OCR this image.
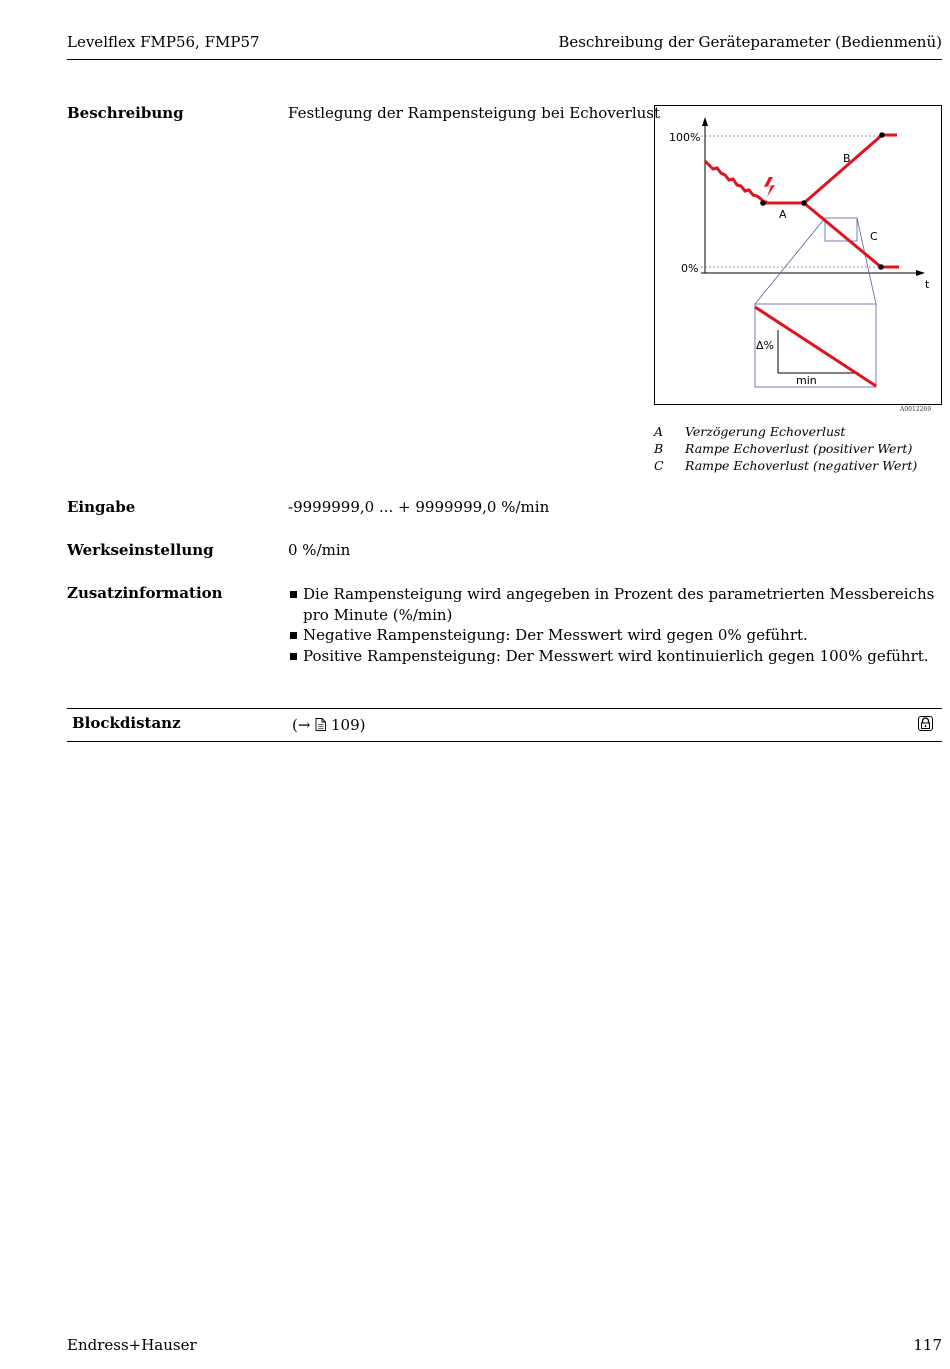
Levelflex FMP56, FMP57	Beschreibung der Geräteparameter (Bedienmenü)
Beschreibung	Festlegung der Rampensteigung bei Echoverlust
100%
0%
t
Δ%
min
A
B
C
A0012269
A Verzögerung Echoverlust
B Rampe Echoverlust (positiver Wert)
C Rampe Echoverlust (negativer Wert)
Eingabe	-9999999,0 ... + 9999999,0 %/min
Werkseinstellung	0 %/min
Zusatzinformation	Die Rampensteigung wird angegeben in Prozent des parametrierten Messbereichs pro Minute (%/min)
Negative Rampensteigung: Der Messwert wird gegen 0% geführt.
Positive Rampensteigung: Der Messwert wird kontinuierlich gegen 100% geführt.
Blockdistanz	(→ 109)
Endress+Hauser	117
